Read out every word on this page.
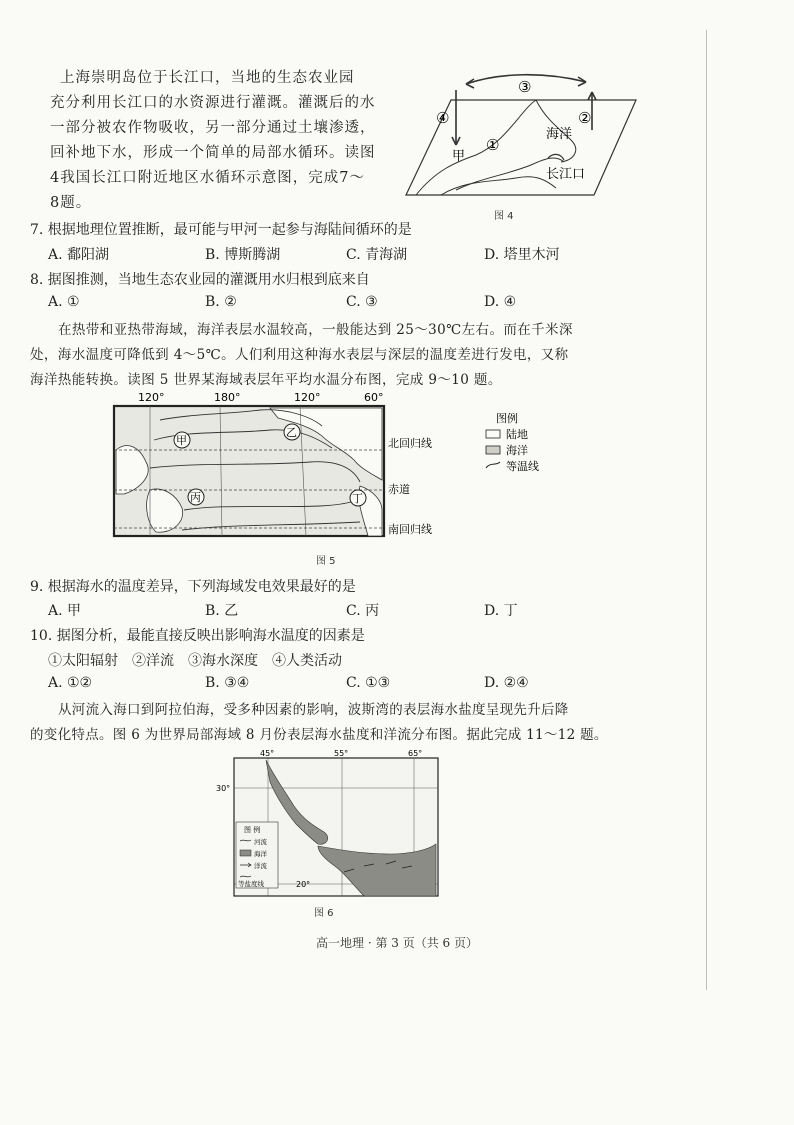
上海崇明岛位于长江口，当地的生态农业园
充分利用长江口的水资源进行灌溉。灌溉后的水
一部分被农作物吸收，另一部分通过土壤渗透，
回补地下水，形成一个简单的局部水循环。读图
4我国长江口附近地区水循环示意图，完成7～
8题。
③
②
④
①
海洋
甲
长江口
图 4
7. 根据地理位置推断，最可能与甲河一起参与海陆间循环的是
A. 鄱阳湖	B. 博斯腾湖	C. 青海湖	D. 塔里木河
8. 据图推测，当地生态农业园的灌溉用水归根到底来自
A. ①	B. ②	C. ③	D. ④
在热带和亚热带海域，海洋表层水温较高，一般能达到 25～30℃左右。而在千米深
处，海水温度可降低到 4～5℃。人们利用这种海水表层与深层的温度差进行发电，又称
海洋热能转换。读图 5 世界某海域表层年平均水温分布图，完成 9～10 题。
120°	180°	120°	60°
甲
乙
丙	丁
北回归线
赤道
南回归线
图例
陆地
海洋
等温线
图 5
9. 根据海水的温度差异，下列海域发电效果最好的是
A. 甲	B. 乙	C. 丙	D. 丁
10. 据图分析，最能直接反映出影响海水温度的因素是
①太阳辐射　②洋流　③海水深度　④人类活动
A. ①②	B. ③④	C. ①③	D. ②④
从河流入海口到阿拉伯海，受多种因素的影响，波斯湾的表层海水盐度呈现先升后降
的变化特点。图 6 为世界局部海域 8 月份表层海水盐度和洋流分布图。据此完成 11～12 题。
45°	55°	65°
30°
20°
图 例
河流
海洋
洋流
等盐度线
图 6
高一地理 · 第 3 页（共 6 页）
